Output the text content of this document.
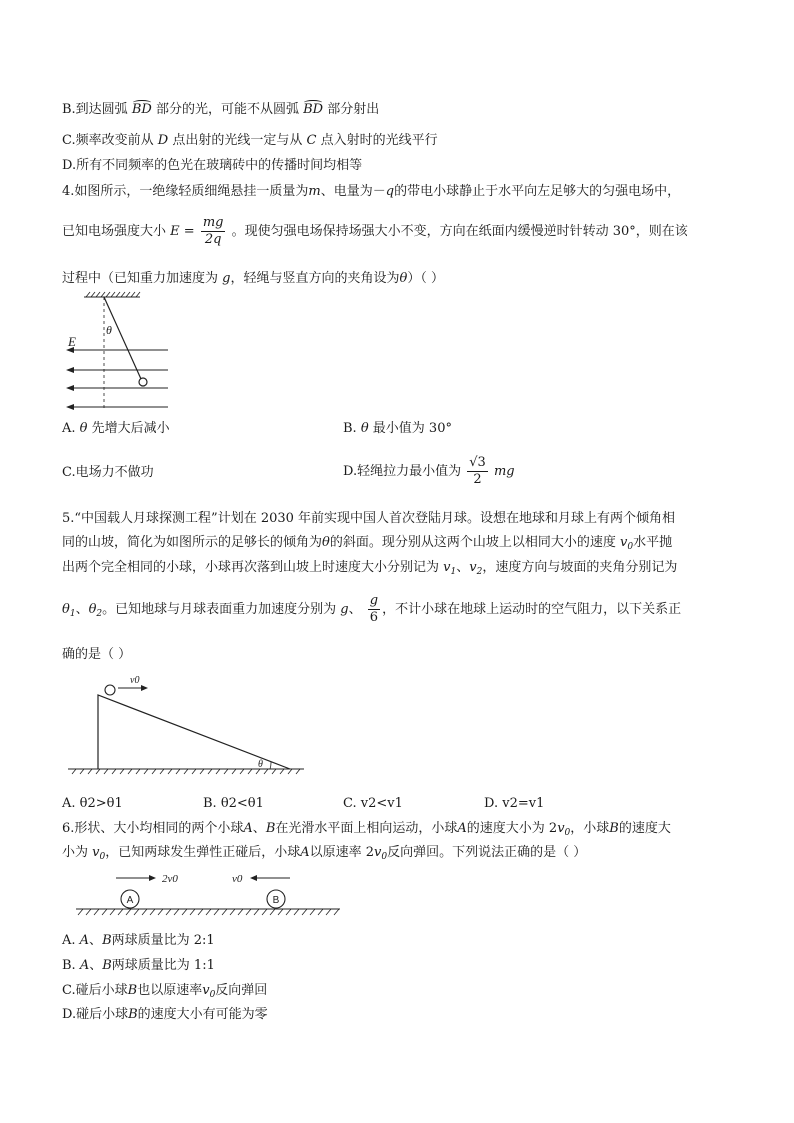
B.到达圆弧 BD 部分的光，可能不从圆弧 BD 部分射出
C.频率改变前从 D 点出射的光线一定与从 C 点入射时的光线平行
D.所有不同频率的色光在玻璃砖中的传播时间均相等
4.如图所示，一绝缘轻质细绳悬挂一质量为m、电量为－q的带电小球静止于水平向左足够大的匀强电场中，
已知电场强度大小 $E = \frac{mg}{2q}$ 。现使匀强电场保持场强大小不变，方向在纸面内缓慢逆时针转动 30°，则在该
过程中（已知重力加速度为 g，轻绳与竖直方向的夹角设为θ）（ ）
E
θ
A. θ 先增大后减小	B. θ 最小值为 30°
C.电场力不做功	D.轻绳拉力最小值为 $\frac{√3}{2}$ mg
5.“中国载人月球探测工程”计划在 2030 年前实现中国人首次登陆月球。设想在地球和月球上有两个倾角相
同的山坡，简化为如图所示的足够长的倾角为θ的斜面。现分别从这两个山坡上以相同大小的速度 $v_0$水平抛
出两个完全相同的小球，小球再次落到山坡上时速度大小分别记为 $v_1$、$v_2$，速度方向与坡面的夹角分别记为
$\theta_1$、$\theta_2$。已知地球与月球表面重力加速度分别为 g、 $\frac{g}{6}$ ，不计小球在地球上运动时的空气阻力，以下关系正
确的是（ ）
v0
θ
A. θ2>θ1	B. θ2<θ1	C. v2<v1	D. v2=v1
6.形状、大小均相同的两个小球A、B在光滑水平面上相向运动，小球A的速度大小为 $2v_0$，小球B的速度大
小为 $v_0$，已知两球发生弹性正碰后，小球A以原速率 $2v_0$反向弹回。下列说法正确的是（ ）
A	B
2v0	v0
A. A、B两球质量比为 2:1
B. A、B两球质量比为 1:1
C.碰后小球B也以原速率$v_0$反向弹回
D.碰后小球B的速度大小有可能为零
